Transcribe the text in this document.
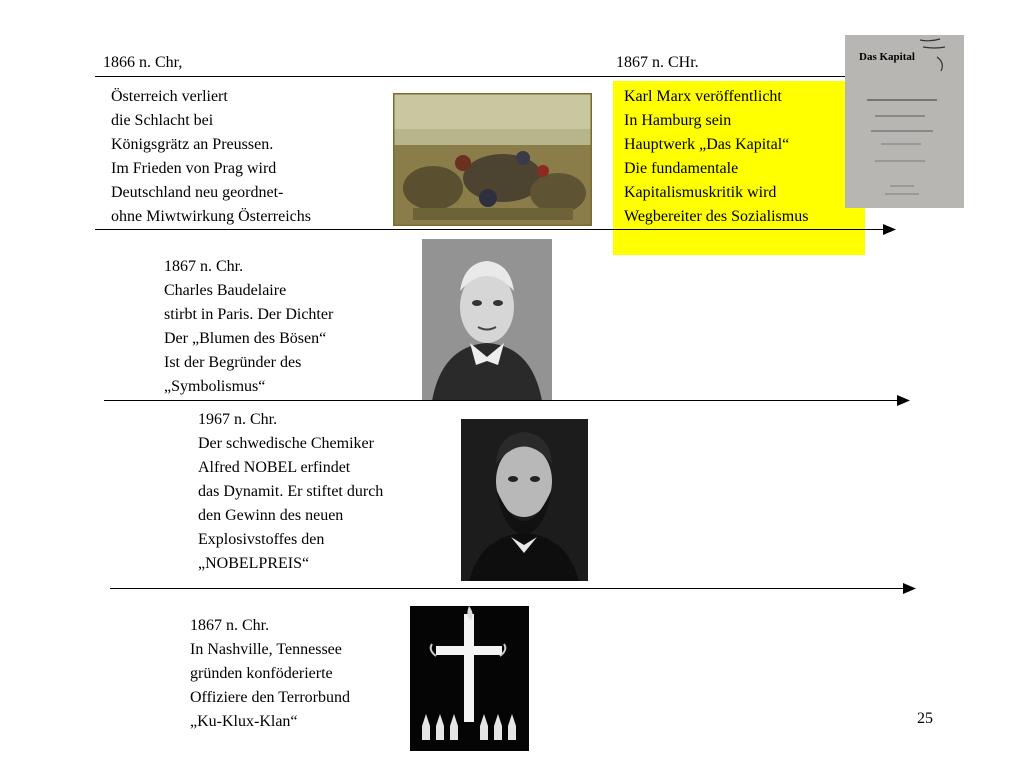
1866 n. Chr,	1867 n. CHr.
Österreich verliert
die Schlacht bei
Königsgrätz an Preussen.
Im Frieden von Prag wird
Deutschland neu geordnet-
ohne Miwtwirkung Österreichs
Karl Marx veröffentlicht
In Hamburg sein
Hauptwerk „Das Kapital“
Die fundamentale
Kapitalismuskritik wird
Wegbereiter des Sozialismus
Das Kapital
1867 n. Chr.
Charles Baudelaire
stirbt in Paris. Der Dichter
Der „Blumen des Bösen“
Ist der Begründer des
„Symbolismus“
1967 n. Chr.
Der schwedische Chemiker
Alfred NOBEL erfindet
das Dynamit. Er stiftet durch
den Gewinn des neuen
Explosivstoffes den
„NOBELPREIS“
1867 n. Chr.
In Nashville, Tennessee
gründen konföderierte
Offiziere den Terrorbund
„Ku-Klux-Klan“	25
